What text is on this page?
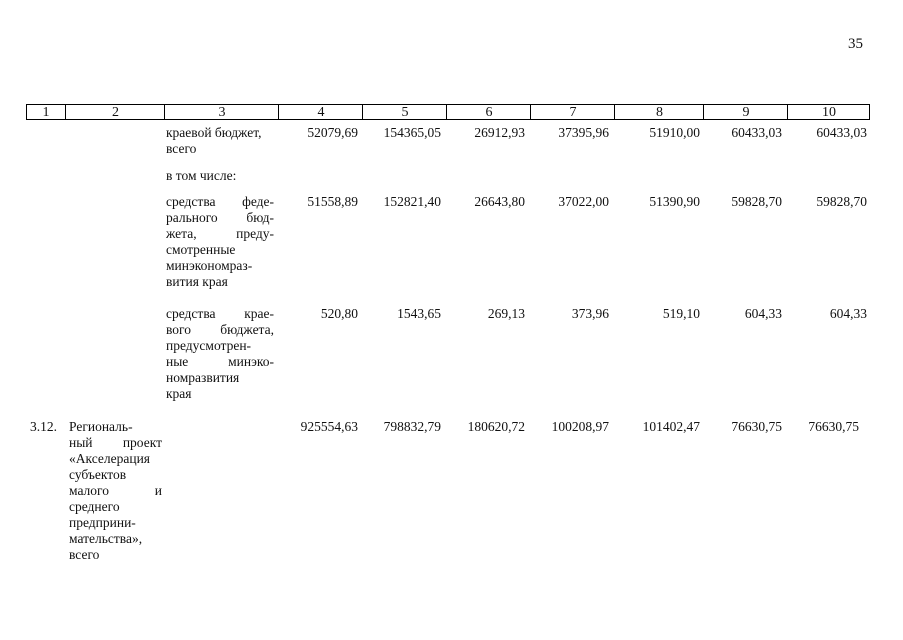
35
1	2	3	4	5	6	7	8	9	10
краевой бюджет,
всего
52079,69 154365,05 26912,93 37395,96	51910,00 60433,03	60433,03
в том числе:
средства феде-
рального бюд-
жета,	преду-
смотренные
минэкономраз-
вития края
51558,89 152821,40 26643,80 37022,00	51390,90 59828,70	59828,70
средства крае-
вого бюджета,
предусмотрен-
ные	минэко-
номразвития
края
520,80	1543,65	269,13	373,96	519,10	604,33	604,33
3.12. Региональ-
ный проект
«Акселерация
субъектов
малого	и
среднего
предприни-
мательства»,
всего
925554,63 798832,79 180620,72 100208,97 101402,47 76630,75 76630,75
